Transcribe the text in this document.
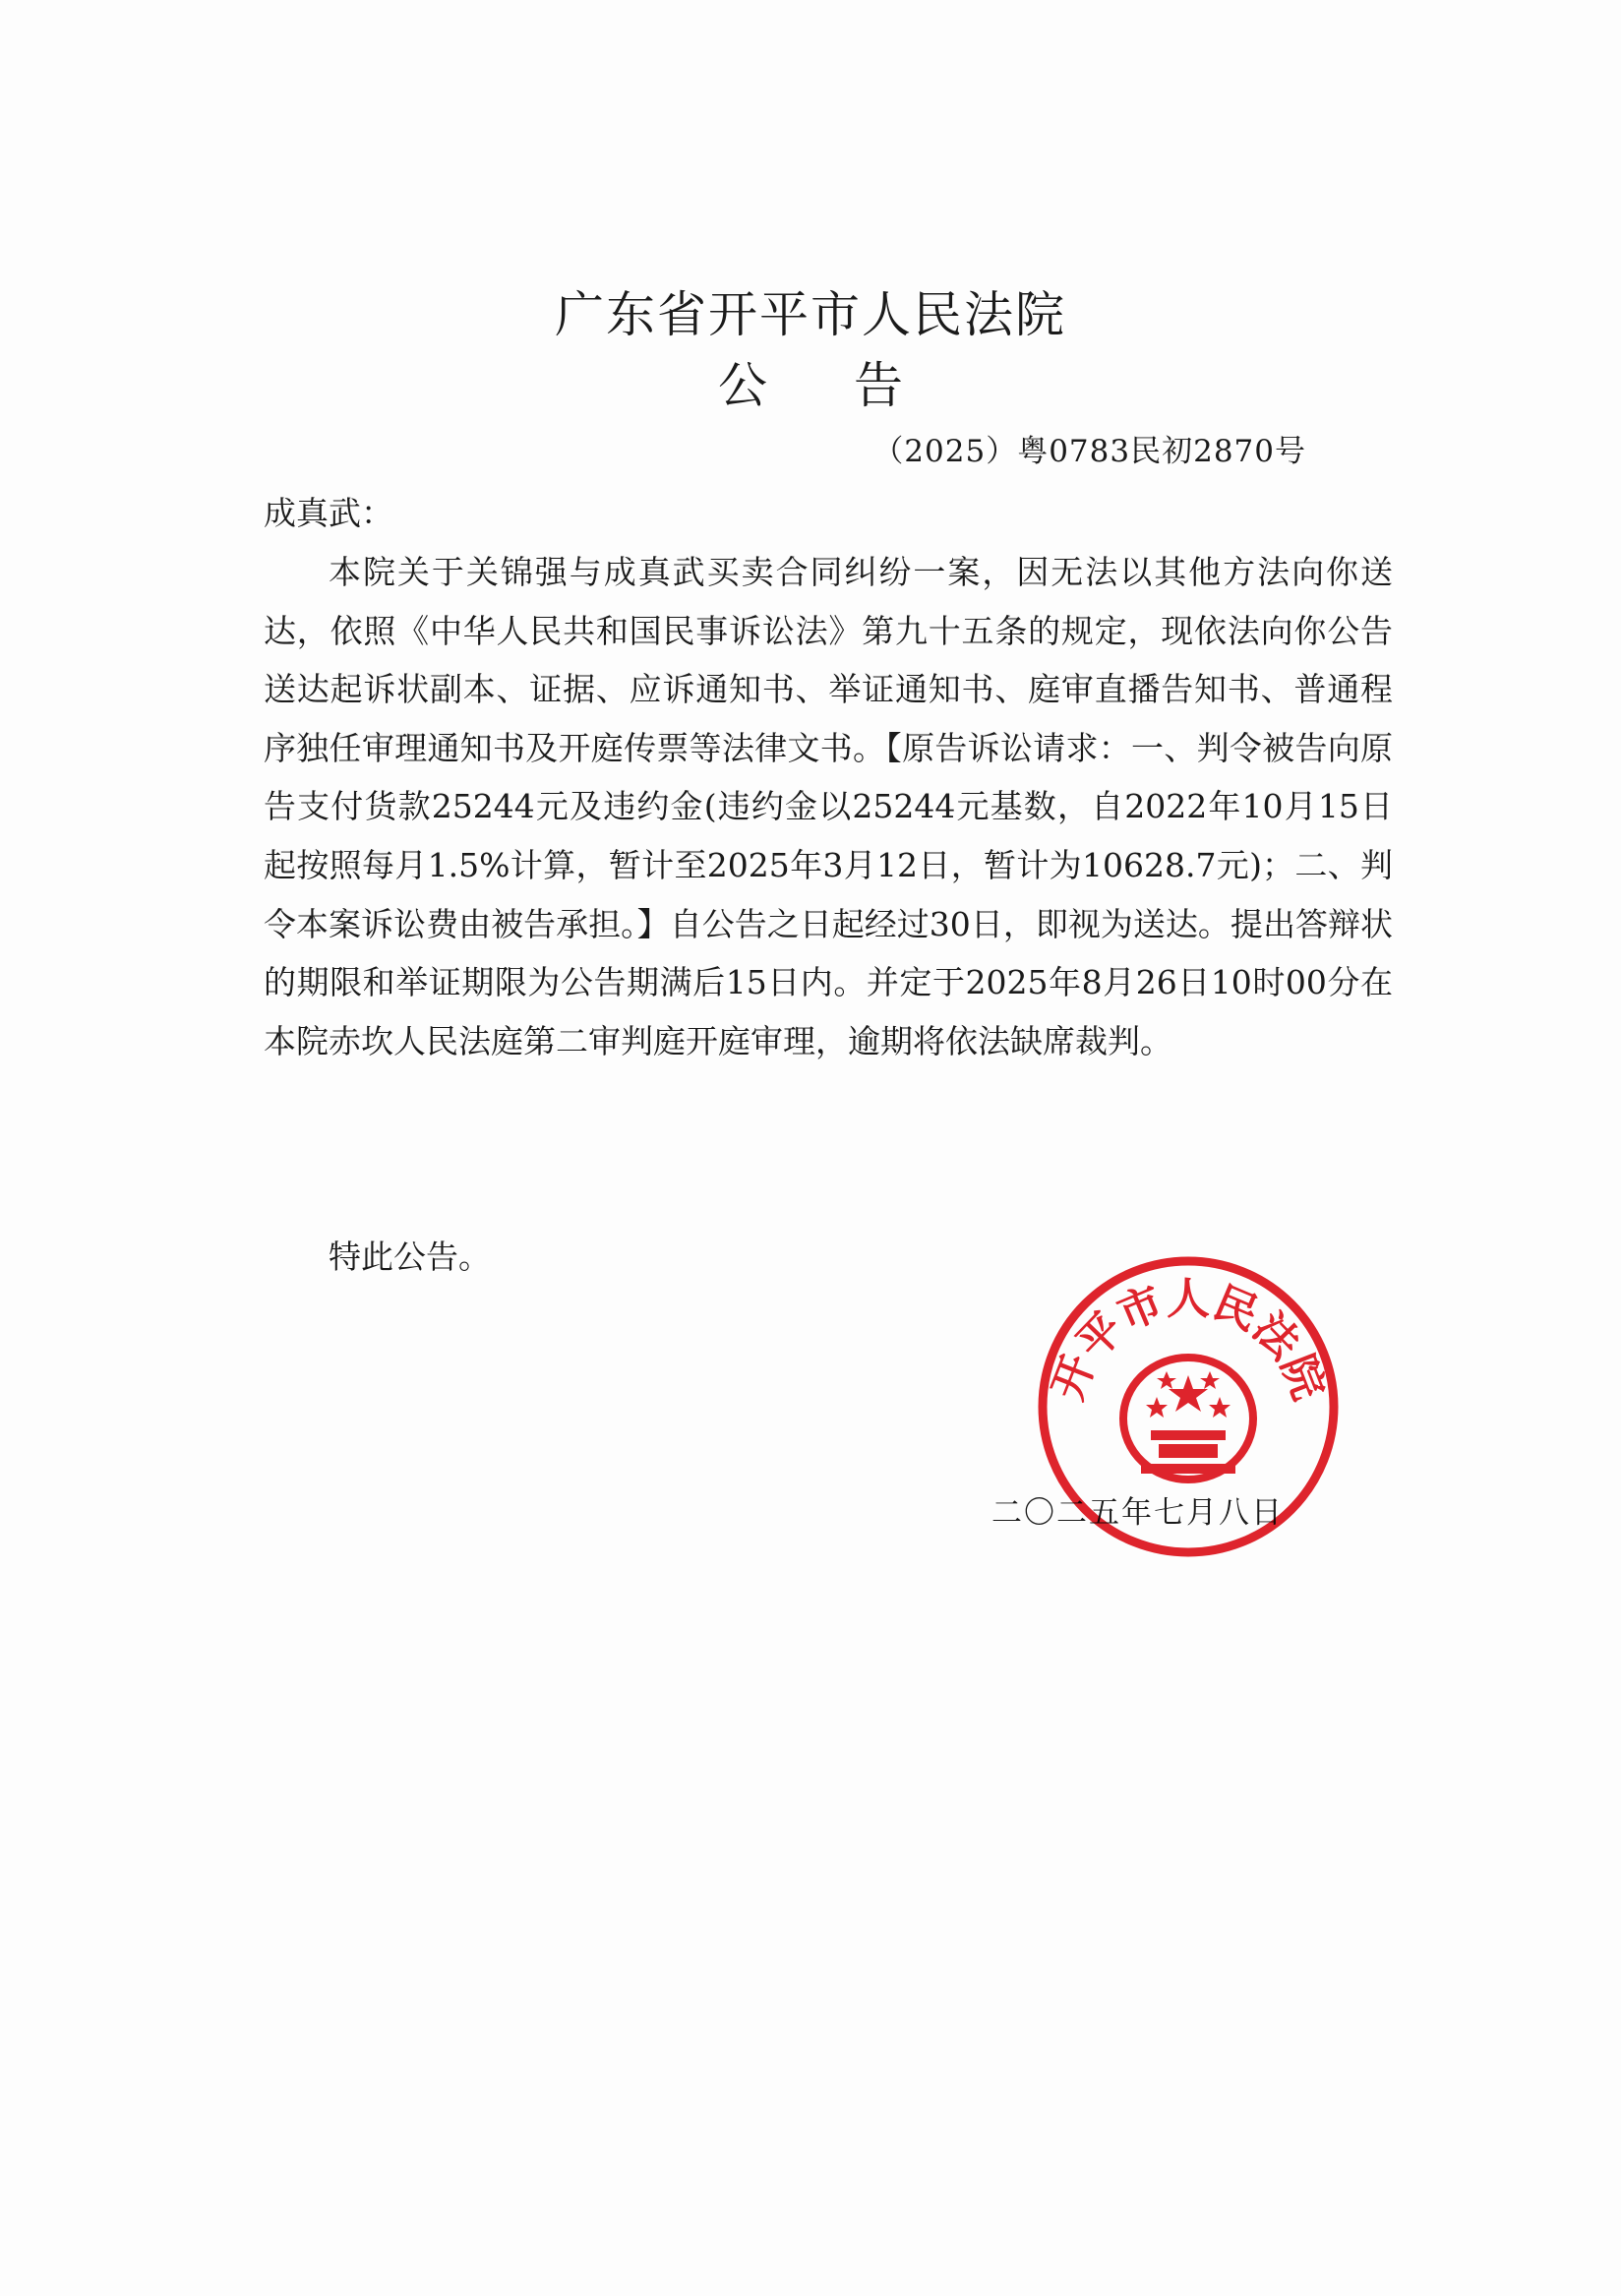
广东省开平市人民法院
公 告
（2025）粤0783民初2870号
成真武：

本院关于关锦强与成真武买卖合同纠纷一案，因无法以其他方法向你送达，依照《中华人民共和国民事诉讼法》第九十五条的规定，现依法向你公告送达起诉状副本、证据、应诉通知书、举证通知书、庭审直播告知书、普通程序独任审理通知书及开庭传票等法律文书。【原告诉讼请求：一、判令被告向原告支付货款25244元及违约金(违约金以25244元基数，自2022年10月15日起按照每月1.5%计算，暂计至2025年3月12日，暂计为10628.7元)；二、判令本案诉讼费由被告承担。】自公告之日起经过30日，即视为送达。提出答辩状的期限和举证期限为公告期满后15日内。并定于2025年8月26日10时00分在本院赤坎人民法庭第二审判庭开庭审理，逾期将依法缺席裁判。

特此公告。
二〇二五年七月八日
开平市人民法院
